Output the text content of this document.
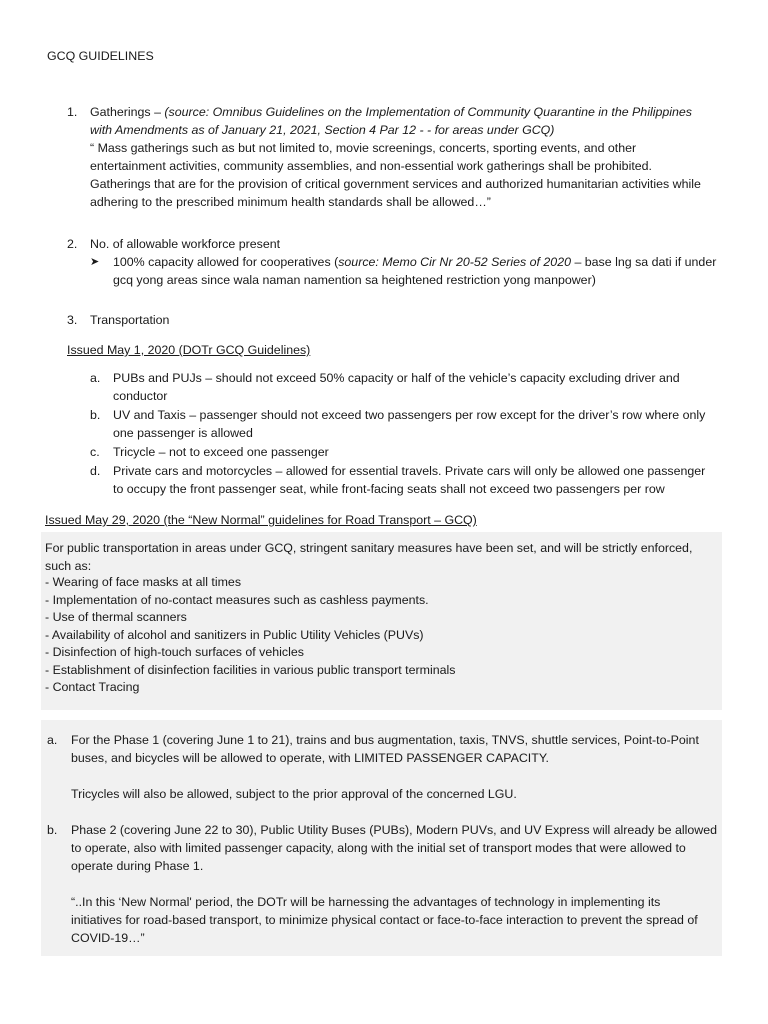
GCQ GUIDELINES
1.	Gatherings – (source: Omnibus Guidelines on the Implementation of Community Quarantine in the Philippines
with Amendments as of January 21, 2021, Section 4 Par 12 - - for areas under GCQ)
“ Mass gatherings such as but not limited to, movie screenings, concerts, sporting events, and other
entertainment activities, community assemblies, and non-essential work gatherings shall be prohibited.
Gatherings that are for the provision of critical government services and authorized humanitarian activities while
adhering to the prescribed minimum health standards shall be allowed…”
2.	No. of allowable workforce present
➤ 100% capacity allowed for cooperatives (source: Memo Cir Nr 20-52 Series of 2020 – base lng sa dati if under
gcq yong areas since wala naman namention sa heightened restriction yong manpower)
3.	Transportation
Issued May 1, 2020 (DOTr GCQ Guidelines)
a.	PUBs and PUJs – should not exceed 50% capacity or half of the vehicle’s capacity excluding driver and
conductor
b.	UV and Taxis – passenger should not exceed two passengers per row except for the driver’s row where only
one passenger is allowed
c.	Tricycle – not to exceed one passenger
d.	Private cars and motorcycles – allowed for essential travels. Private cars will only be allowed one passenger
to occupy the front passenger seat, while front-facing seats shall not exceed two passengers per row
Issued May 29, 2020 (the “New Normal” guidelines for Road Transport – GCQ)
For public transportation in areas under GCQ, stringent sanitary measures have been set, and will be strictly enforced,
such as:
- Wearing of face masks at all times
- Implementation of no-contact measures such as cashless payments.
- Use of thermal scanners
- Availability of alcohol and sanitizers in Public Utility Vehicles (PUVs)
- Disinfection of high-touch surfaces of vehicles
- Establishment of disinfection facilities in various public transport terminals
- Contact Tracing
a.	For the Phase 1 (covering June 1 to 21), trains and bus augmentation, taxis, TNVS, shuttle services, Point-to-Point
buses, and bicycles will be allowed to operate, with LIMITED PASSENGER CAPACITY.
Tricycles will also be allowed, subject to the prior approval of the concerned LGU.
b.	Phase 2 (covering June 22 to 30), Public Utility Buses (PUBs), Modern PUVs, and UV Express will already be allowed
to operate, also with limited passenger capacity, along with the initial set of transport modes that were allowed to
operate during Phase 1.
“..In this ‘New Normal' period, the DOTr will be harnessing the advantages of technology in implementing its
initiatives for road-based transport, to minimize physical contact or face-to-face interaction to prevent the spread of
COVID-19…”
